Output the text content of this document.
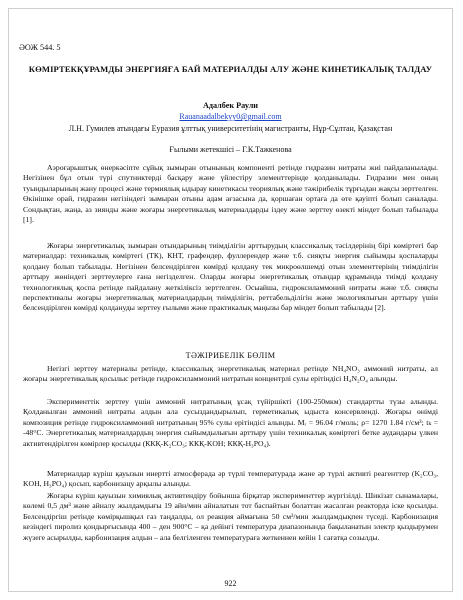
ӘОЖ 544. 5
КӨМІРТЕКҚҰРАМДЫ ЭНЕРГИЯҒА БАЙ МАТЕРИАЛДЫ АЛУ ЖӘНЕ КИНЕТИКАЛЫҚ ТАЛДАУ
Адалбек Раули
Rauanaadalbekyy0@gmail.com
Л.Н. Гумилев атындағы Еуразия ұлттық университетінің магистранты, Нұр-Сұлтан, Қазақстан
Ғылыми жетекшісі – Г.К.Тажкенова
Аэроғарыштық өнеркәсіпте сұйық зымыран отынының компоненті ретінде гидразин нитраты жиі пайдаланылады. Негізінен бұл отын түрі спутниктерді басқару және үйлестіру элементтерінде қолданылады. Гидразин мен оның туындыларының жану процесі және термиялық ыдырау кинетикасы теориялық және тәжірибелік тұрғыдан жақсы зерттелген. Өкінішке орай, гидразин негізіндегі зымыран отыны адам ағзасына да, қоршаған ортаға да өте қауіпті болып саналады. Сондықтан, жаңа, аз зиянды және жоғары энергетикалық материалдарды іздеу және зерттеу өзекті міндет болып табылады [1].
Жоғары энергетикалық зымыран отындарының тиімділігін арттырудың классикалық тәсілдерінің бірі көміртегі бар материалдар: техникалық көміртегі (ТК), КНТ, графендер, фуллерендер және т.б. сияқты энергия сыйымды қоспаларды қолдану болып табылады. Негізінен белсендірілген көмірді қолдану тек микроөлшемді отын элементтерінің тиімділігін арттыру жөніндегі зерттеулерге ғана негізделген. Оларды жоғары энергетикалық отындар құрамында тиімді қолдану технологиялық қоспа ретінде пайдалану жеткіліксіз зерттелген. Осыайша, гидроксиламмоний нитраты және т.б. сияқты перспективалы жоғары энергетикалық материалдардың тиімділігін, реттабельділігін және экологиялығын арттыру үшін белсендірілген көмірді қолдануды зерттеу ғылыми және практикалық маңызы бар міндет болып табылады [2].
ТӘЖІРИБЕЛІК БӨЛІМ
Негізгі зерттеу материалы ретінде, классикалық энергетикалық материал ретінде NH₄NO₃ аммоний нитраты, ал жоғары энергетикалық қосылыс ретінде гидроксиламмоний нитратын концентрлі сулы ерітіндісі H₄N₂O₄ алынды.
Эксперименттік зерттеу үшін аммоний нитратының ұсақ түйіршікті (100-250мкм) стандартты түзы алынды. Қолданылған аммоний нитраты алдын ала сусыздандырылып, герметикалық ыдыста консервленді. Жоғары өнімді композиция ретінде гидроксиламмоний нитратының 95% сулы ерітіндісі алынды. Mᵣ = 96.04 г/моль; ρ= 1270 1.84 г/см³; tₖ = -48°C. Энергетикалық материалдардың энергия сыйымдылығын арттыру үшін техникалық көміртегі бетке аудандары үлкен активтендірілген көмірлер қосылды (ККҚ-K₂CO₃; ККҚ-KOH; ККҚ-H₃PO₄).
Материалдар күріш қауызын инертті атмосферада әр түрлі температурада және әр түрлі активті реагенттер (K₂CO₃, KOH, H₃PO₄) қосып, карбонизацу арқылы алынды.
Жоғары күріш қауызын химиялық активтендіру бойынша бірқатар эксперименттер жүргізілді. Шикізат сынамалары, көлемі 0,5 дм³ және айналу жылдамдығы 19 айн/мин айналатын тот баспайтын болаттан жасалған реакторда іске қосылды. Белсендіргіш ретінде көмірқышқыл газ таңдалды, ол реакция аймағына 50 см³/мин жылдамдықпен түседі. Карбонизация кезіндегі пиролиз қондырғысында 400 – ден 900°С – қа дейінгі температура диапазонында бақыланатын электр қыздырумен жүзеге асырылды, карбонизация алдын – ала белгіленген температураға жеткеннен кейін 1 сағатқа созылды.
922
